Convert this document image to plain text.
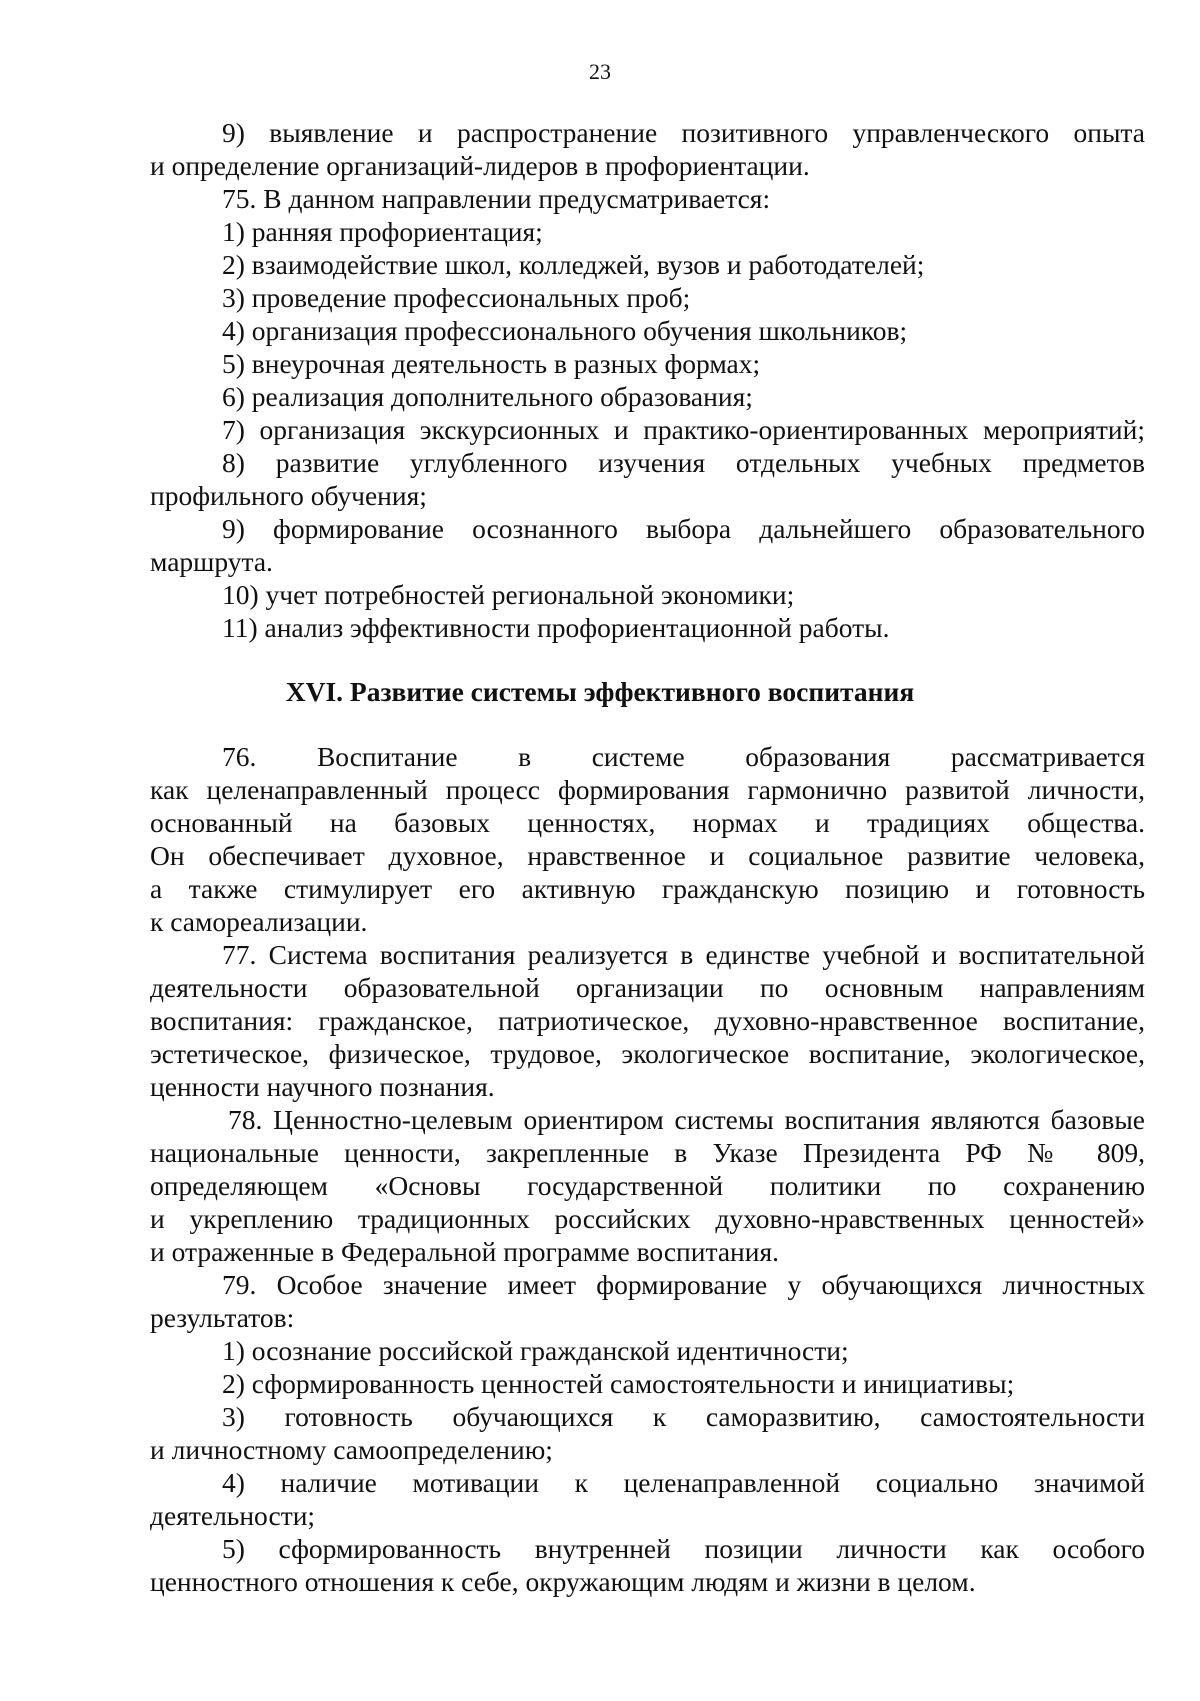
23
XVI. Развитие системы эффективного воспитания
9) выявление и распространение позитивного управленческого опыта
и определение организаций-лидеров в профориентации.
75. В данном направлении предусматривается:
1) ранняя профориентация;
2) взаимодействие школ, колледжей, вузов и работодателей;
3) проведение профессиональных проб;
4) организация профессионального обучения школьников;
5) внеурочная деятельность в разных формах;
6) реализация дополнительного образования;
7) организация экскурсионных и практико-ориентированных мероприятий;
8) развитие углубленного изучения отдельных учебных предметов
профильного обучения;
9) формирование осознанного выбора дальнейшего образовательного
маршрута.
10) учет потребностей региональной экономики;
11) анализ эффективности профориентационной работы.
76. Воспитание в системе образования рассматривается
как целенаправленный процесс формирования гармонично развитой личности,
основанный на базовых ценностях, нормах и традициях общества.
Он обеспечивает духовное, нравственное и социальное развитие человека,
а также стимулирует его активную гражданскую позицию и готовность
к самореализации.
77. Система воспитания реализуется в единстве учебной и воспитательной
деятельности образовательной организации по основным направлениям
воспитания: гражданское, патриотическое, духовно-нравственное воспитание,
эстетическое, физическое, трудовое, экологическое воспитание, экологическое,
ценности научного познания.
78. Ценностно-целевым ориентиром системы воспитания являются базовые
национальные ценности, закрепленные в Указе Президента РФ № 809,
определяющем «Основы государственной политики по сохранению
и укреплению традиционных российских духовно-нравственных ценностей»
и отраженные в Федеральной программе воспитания.
79. Особое значение имеет формирование у обучающихся личностных
результатов:
1) осознание российской гражданской идентичности;
2) сформированность ценностей самостоятельности и инициативы;
3) готовность обучающихся к саморазвитию, самостоятельности
и личностному самоопределению;
4) наличие мотивации к целенаправленной социально значимой
деятельности;
5) сформированность внутренней позиции личности как особого
ценностного отношения к себе, окружающим людям и жизни в целом.
